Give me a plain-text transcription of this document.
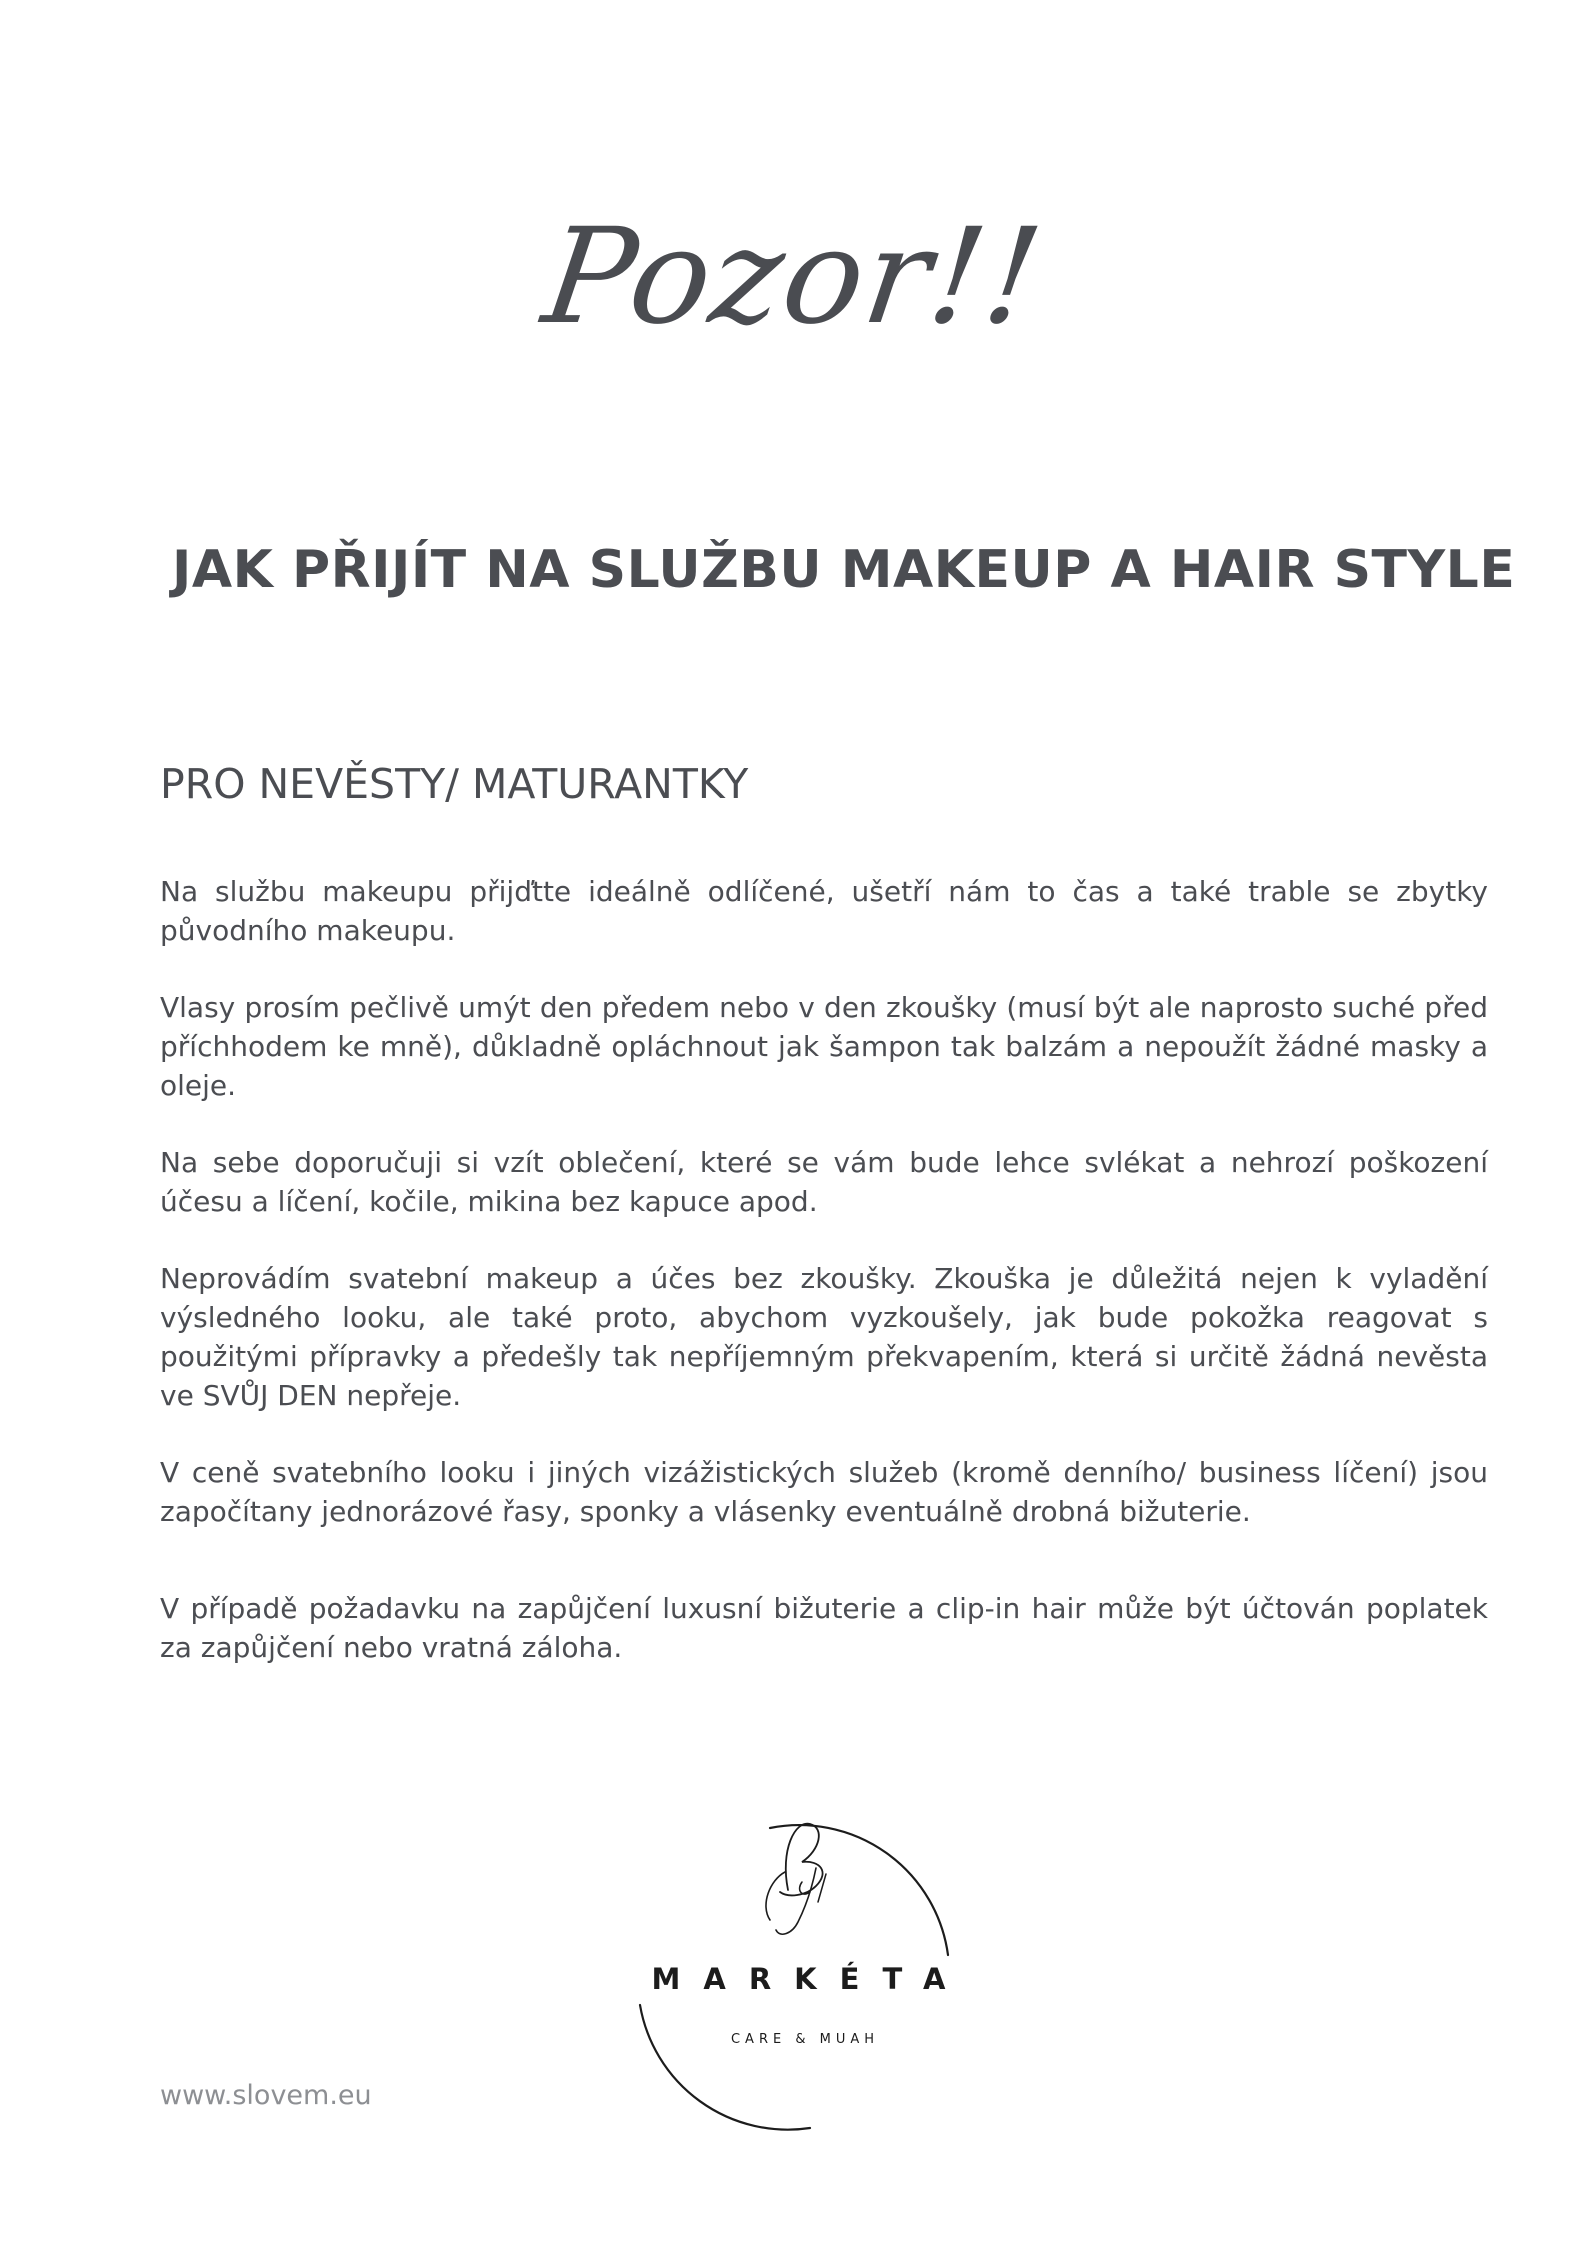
Pozor!!
JAK PŘIJÍT NA SLUŽBU MAKEUP A HAIR STYLE
PRO NEVĚSTY/ MATURANTKY

Na službu makeupu přijďtte ideálně odlíčené, ušetří nám to čas a také trable se zbytky původního makeupu.

Vlasy prosím pečlivě umýt den předem nebo v den zkoušky (musí být ale naprosto suché před příchhodem ke mně), důkladně opláchnout jak šampon tak balzám a nepoužít žádné masky a oleje.

Na sebe doporučuji si vzít oblečení, které se vám bude lehce svlékat a nehrozí poškození účesu a líčení, kočile, mikina bez kapuce apod.

Neprovádím svatební makeup a účes bez zkoušky. Zkouška je důležitá nejen k vyladění výsledného looku, ale také proto, abychom vyzkoušely, jak bude pokožka reagovat s použitými přípravky a předešly tak nepříjemným překvapením, která si určitě žádná nevěsta ve SVŮJ DEN nepřeje.

V ceně svatebního looku i jiných vizážistických služeb (kromě denního/ business líčení) jsou započítany jednorázové řasy, sponky a vlásenky eventuálně drobná bižuterie.

V případě požadavku na zapůjčení luxusní bižuterie a clip-in hair může být účtován poplatek za zapůjčení nebo vratná záloha.

MARKÉTA
CARE & MUAH
www.slovem.eu
